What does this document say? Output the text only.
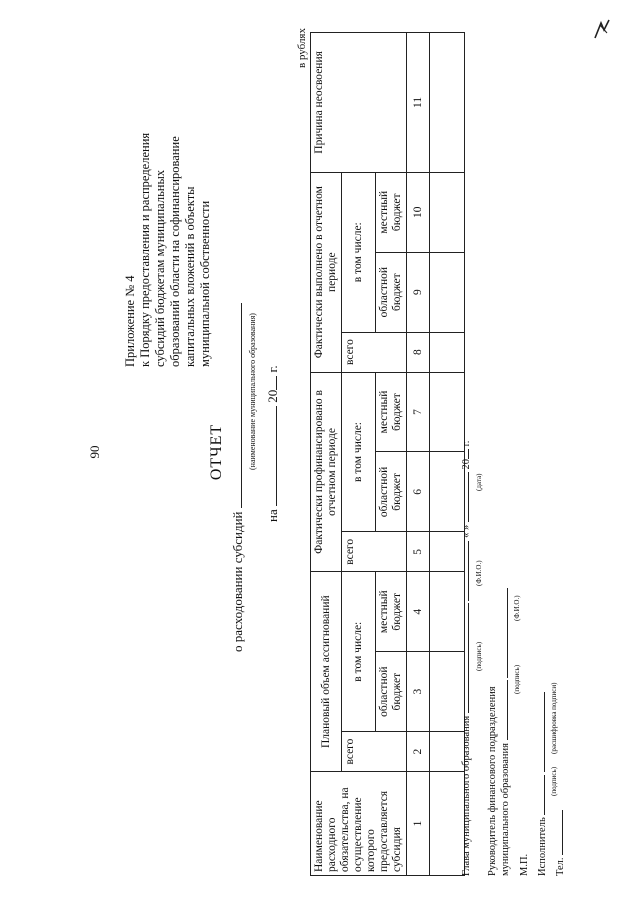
90
Приложение № 4 к Порядку предоставления и распределения субсидий бюджетам муниципальных образований области на софинансирование капитальных вложений в объекты муниципальной собственности
ОТЧЕТ
о расходовании субсидий
(наименование муниципального образования)
на  20 г.
в рублях
Наименование расходного обязательства, на осуществление которого предоставляется субсидия	Плановый объем ассигнований			Фактически профинансировано в отчетном периоде			Фактически выполнено в отчетном периоде			Причина неосвоения
	всего	в том числе:		всего	в том числе:		всего	в том числе:		
		областной бюджет	местный бюджет		областной бюджет	местный бюджет		областной бюджет	местный бюджет	
1	2	3	4	5	6	7	8	9	10	11

Глава муниципального образования   « »  20 г.
(подпись)
(Ф.И.О.)
(дата)
Руководитель финансового подразделения муниципального образования
(подпись)
(Ф.И.О.)
М.П. Исполнитель
(подпись)
(расшифровка подписи)
Тел.
